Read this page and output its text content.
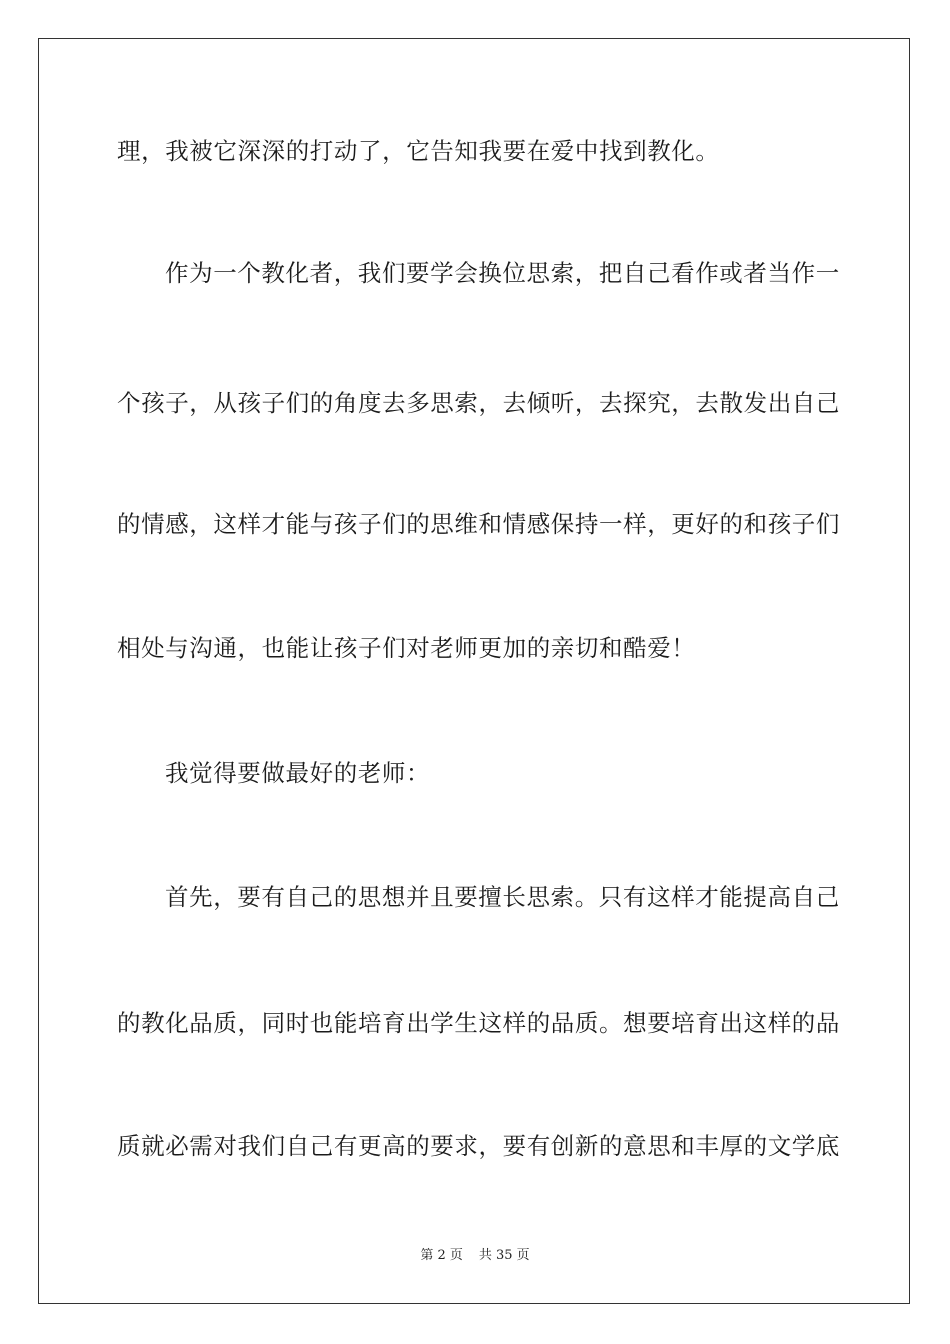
理，我被它深深的打动了，它告知我要在爱中找到教化。
作为一个教化者，我们要学会换位思索，把自己看作或者当作一
个孩子，从孩子们的角度去多思索，去倾听，去探究，去散发出自己
的情感，这样才能与孩子们的思维和情感保持一样，更好的和孩子们
相处与沟通，也能让孩子们对老师更加的亲切和酷爱！
我觉得要做最好的老师：
首先，要有自己的思想并且要擅长思索。只有这样才能提高自己
的教化品质，同时也能培育出学生这样的品质。想要培育出这样的品
质就必需对我们自己有更高的要求，要有创新的意思和丰厚的文学底
第 2 页 共 35 页
